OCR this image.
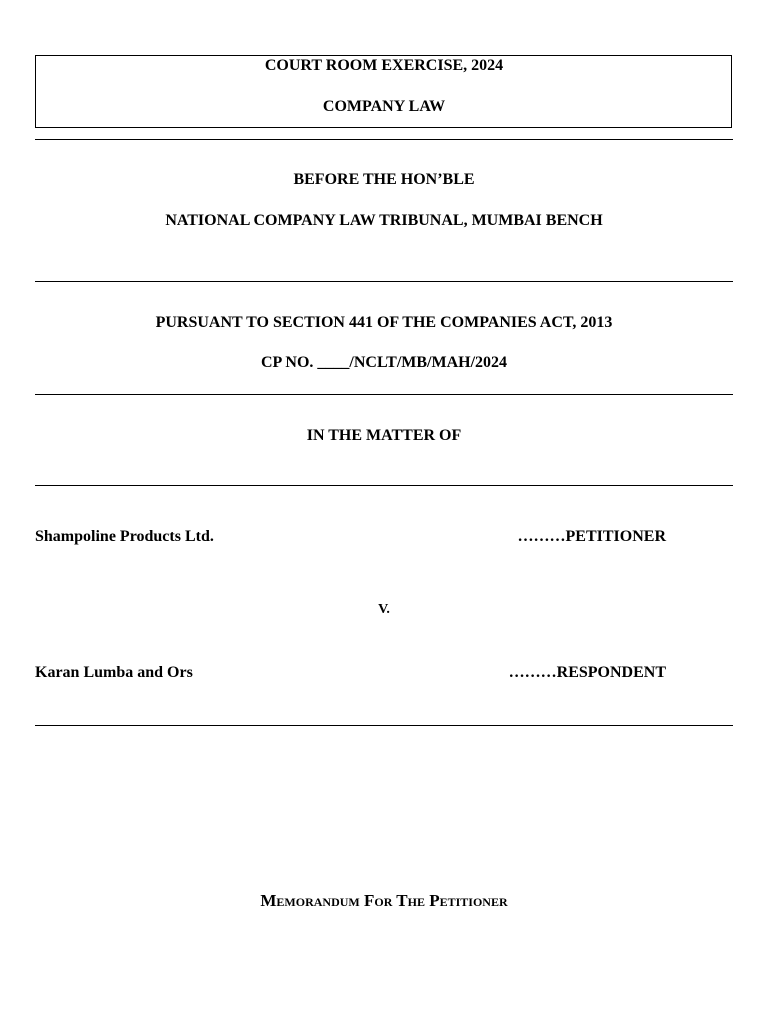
COURT ROOM EXERCISE, 2024
COMPANY LAW
BEFORE THE HON’BLE
NATIONAL COMPANY LAW TRIBUNAL, MUMBAI BENCH
PURSUANT TO SECTION 441 OF THE COMPANIES ACT, 2013
CP NO. ____/NCLT/MB/MAH/2024
IN THE MATTER OF
Shampoline Products Ltd.	………PETITIONER
V.
Karan Lumba and Ors	………RESPONDENT
Memorandum For The Petitioner
